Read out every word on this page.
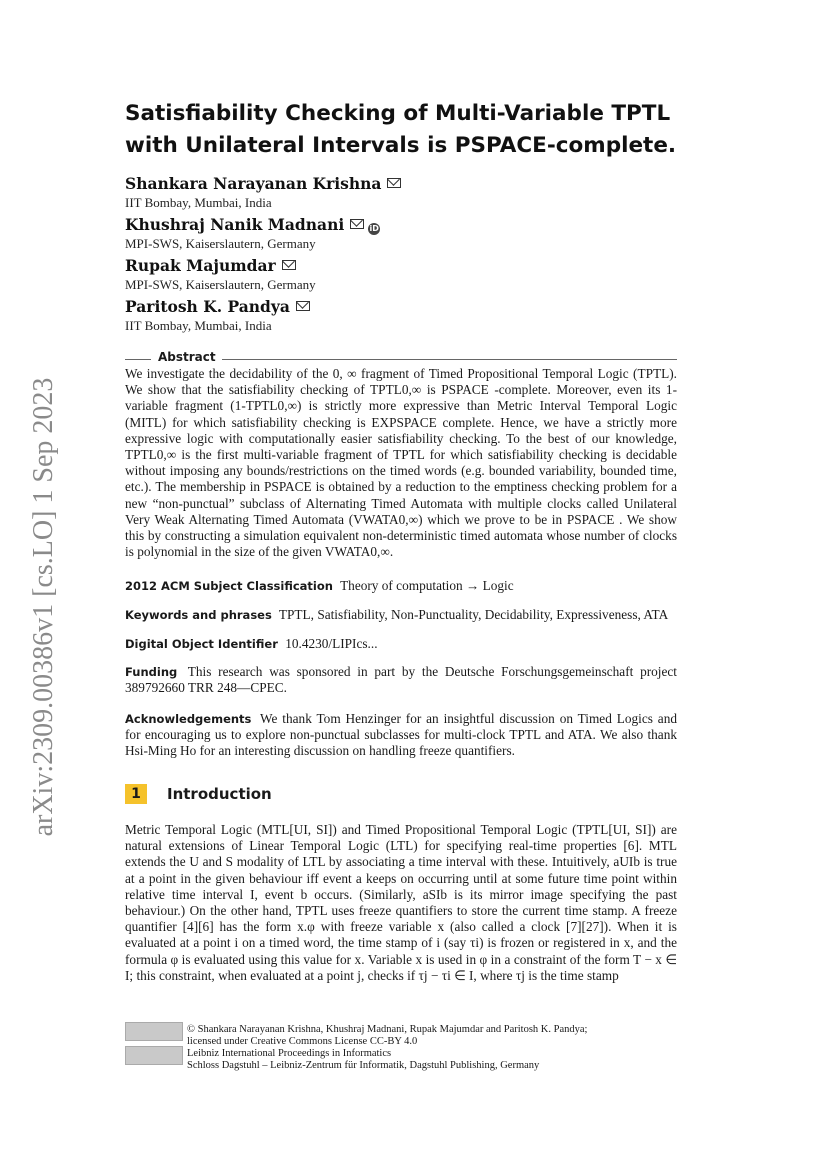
arXiv:2309.00386v1 [cs.LO] 1 Sep 2023
Satisfiability Checking of Multi-Variable TPTL with Unilateral Intervals is PSPACE-complete.
Shankara Narayanan Krishna
IIT Bombay, Mumbai, India
Khushraj Nanik Madnani	iD
MPI-SWS, Kaiserslautern, Germany
Rupak Majumdar
MPI-SWS, Kaiserslautern, Germany
Paritosh K. Pandya
IIT Bombay, Mumbai, India
Abstract

We investigate the decidability of the 0, ∞ fragment of Timed Propositional Temporal Logic (TPTL). We show that the satisfiability checking of TPTL0,∞ is PSPACE -complete. Moreover, even its 1-variable fragment (1-TPTL0,∞) is strictly more expressive than Metric Interval Temporal Logic (MITL) for which satisfiability checking is EXPSPACE complete. Hence, we have a strictly more expressive logic with computationally easier satisfiability checking. To the best of our knowledge, TPTL0,∞ is the first multi-variable fragment of TPTL for which satisfiability checking is decidable without imposing any bounds/restrictions on the timed words (e.g. bounded variability, bounded time, etc.). The membership in PSPACE is obtained by a reduction to the emptiness checking problem for a new “non-punctual” subclass of Alternating Timed Automata with multiple clocks called Unilateral Very Weak Alternating Timed Automata (VWATA0,∞) which we prove to be in PSPACE . We show this by constructing a simulation equivalent non-deterministic timed automata whose number of clocks is polynomial in the size of the given VWATA0,∞.

2012 ACM Subject Classification Theory of computation → Logic
Keywords and phrases TPTL, Satisfiability, Non-Punctuality, Decidability, Expressiveness, ATA
Digital Object Identifier 10.4230/LIPIcs...
Funding This research was sponsored in part by the Deutsche Forschungsgemeinschaft project 389792660 TRR 248—CPEC.
Acknowledgements We thank Tom Henzinger for an insightful discussion on Timed Logics and for encouraging us to explore non-punctual subclasses for multi-clock TPTL and ATA. We also thank Hsi-Ming Ho for an interesting discussion on handling freeze quantifiers.
1	Introduction

Metric Temporal Logic (MTL[UI, SI]) and Timed Propositional Temporal Logic (TPTL[UI, SI]) are natural extensions of Linear Temporal Logic (LTL) for specifying real-time properties [6]. MTL extends the U and S modality of LTL by associating a time interval with these. Intuitively, aUIb is true at a point in the given behaviour iff event a keeps on occurring until at some future time point within relative time interval I, event b occurs. (Similarly, aSIb is its mirror image specifying the past behaviour.) On the other hand, TPTL uses freeze quantifiers to store the current time stamp. A freeze quantifier [4][6] has the form x.φ with freeze variable x (also called a clock [7][27]). When it is evaluated at a point i on a timed word, the time stamp of i (say τi) is frozen or registered in x, and the formula φ is evaluated using this value for x. Variable x is used in φ in a constraint of the form T − x ∈ I; this constraint, when evaluated at a point j, checks if τj − τi ∈ I, where τj is the time stamp

© Shankara Narayanan Krishna, Khushraj Madnani, Rupak Majumdar and Paritosh K. Pandya;
licensed under Creative Commons License CC-BY 4.0
Leibniz International Proceedings in Informatics
Schloss Dagstuhl – Leibniz-Zentrum für Informatik, Dagstuhl Publishing, Germany
